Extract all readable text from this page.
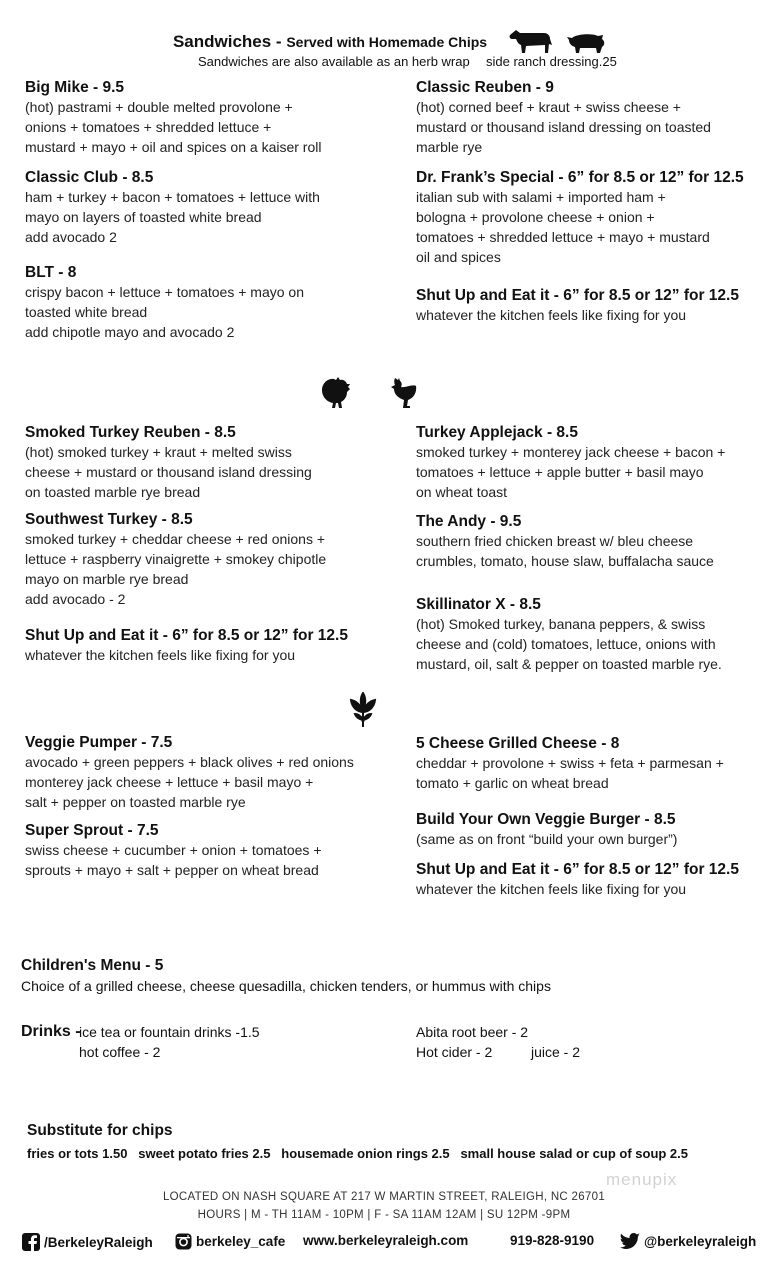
Sandwiches - Served with Homemade Chips
Sandwiches are also available as an herb wrap side ranch dressing.25
Big Mike - 9.5
(hot) pastrami + double melted provolone +
onions + tomatoes + shredded lettuce +
mustard + mayo + oil and spices on a kaiser roll
Classic Club - 8.5
ham + turkey + bacon + tomatoes + lettuce with
mayo on layers of toasted white bread
add avocado 2
BLT - 8
crispy bacon + lettuce + tomatoes + mayo on
toasted white bread
add chipotle mayo and avocado 2
Classic Reuben - 9
(hot) corned beef + kraut + swiss cheese +
mustard or thousand island dressing on toasted
marble rye
Dr. Frank’s Special - 6” for 8.5 or 12” for 12.5
italian sub with salami + imported ham +
bologna + provolone cheese + onion +
tomatoes + shredded lettuce + mayo + mustard
oil and spices
Shut Up and Eat it - 6” for 8.5 or 12” for 12.5
whatever the kitchen feels like fixing for you
Smoked Turkey Reuben - 8.5
(hot) smoked turkey + kraut + melted swiss
cheese + mustard or thousand island dressing
on toasted marble rye bread
Southwest Turkey - 8.5
smoked turkey + cheddar cheese + red onions +
lettuce + raspberry vinaigrette + smokey chipotle
mayo on marble rye bread
add avocado - 2
Shut Up and Eat it - 6” for 8.5 or 12” for 12.5
whatever the kitchen feels like fixing for you
Turkey Applejack - 8.5
smoked turkey + monterey jack cheese + bacon +
tomatoes + lettuce + apple butter + basil mayo
on wheat toast
The Andy - 9.5
southern fried chicken breast w/ bleu cheese
crumbles, tomato, house slaw, buffalacha sauce
Skillinator X - 8.5
(hot) Smoked turkey, banana peppers, & swiss
cheese and (cold) tomatoes, lettuce, onions with
mustard, oil, salt & pepper on toasted marble rye.
Veggie Pumper - 7.5
avocado + green peppers + black olives + red onions
monterey jack cheese + lettuce + basil mayo +
salt + pepper on toasted marble rye
Super Sprout - 7.5
swiss cheese + cucumber + onion + tomatoes +
sprouts + mayo + salt + pepper on wheat bread
5 Cheese Grilled Cheese - 8
cheddar + provolone + swiss + feta + parmesan +
tomato + garlic on wheat bread
Build Your Own Veggie Burger - 8.5
(same as on front “build your own burger”)
Shut Up and Eat it - 6” for 8.5 or 12” for 12.5
whatever the kitchen feels like fixing for you
Children's Menu - 5
Choice of a grilled cheese, cheese quesadilla, chicken tenders, or hummus with chips
Drinks -
ice tea or fountain drinks -1.5
hot coffee - 2
Abita root beer - 2
Hot cider - 2	juice - 2
Substitute for chips
fries or tots 1.50   sweet potato fries 2.5   housemade onion rings 2.5   small house salad or cup of soup 2.5
menupix
LOCATED ON NASH SQUARE AT 217 W MARTIN STREET, RALEIGH, NC 26701
HOURS | M - TH 11AM - 10PM | F - SA 11AM 12AM | SU 12PM -9PM
/BerkeleyRaleigh	berkeley_cafe www.berkeleyraleigh.com	919-828-9190	@berkeleyraleigh
